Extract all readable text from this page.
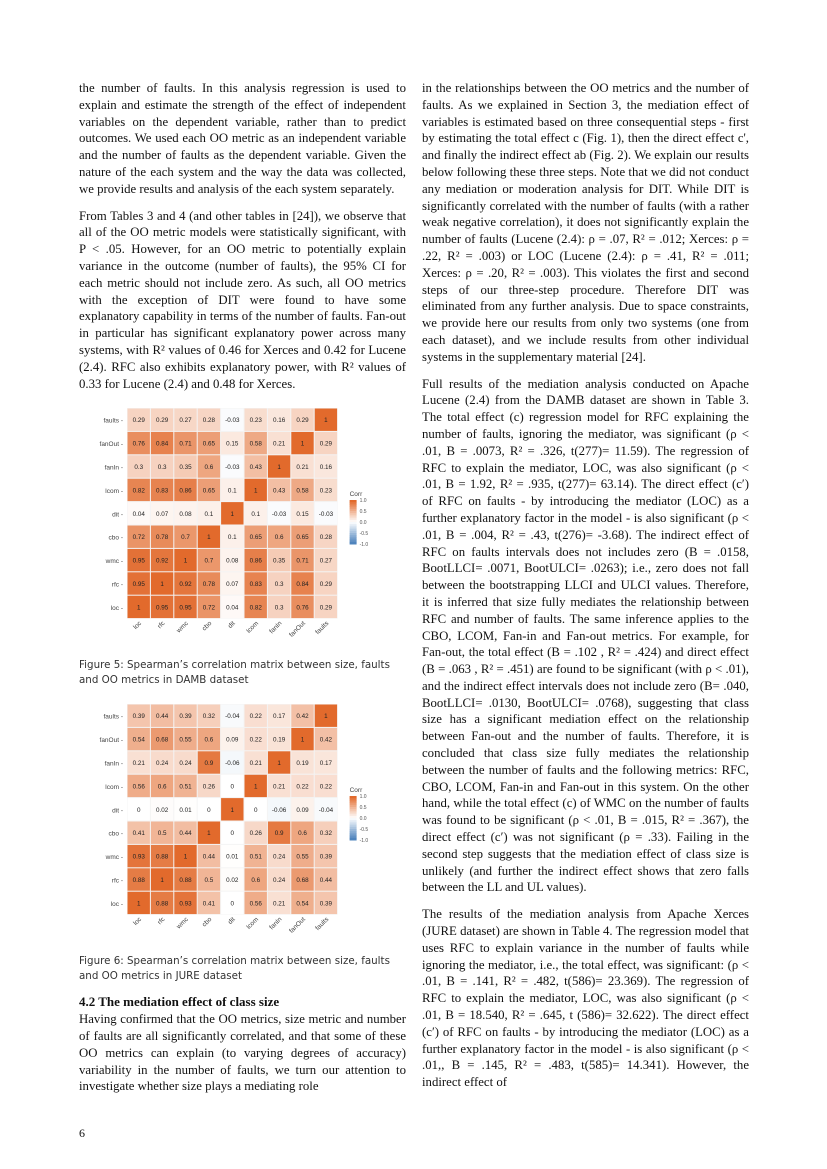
the number of faults. In this analysis regression is used to explain and estimate the strength of the effect of independent variables on the dependent variable, rather than to predict outcomes. We used each OO metric as an independent variable and the number of faults as the dependent variable. Given the nature of the each system and the way the data was collected, we provide results and analysis of the each system separately.

From Tables 3 and 4 (and other tables in [24]), we observe that all of the OO metric models were statistically significant, with P < .05. However, for an OO metric to potentially explain variance in the outcome (number of faults), the 95% CI for each metric should not include zero. As such, all OO metrics with the exception of DIT were found to have some explanatory capability in terms of the number of faults. Fan-out in particular has significant explanatory power across many systems, with R² values of 0.46 for Xerces and 0.42 for Lucene (2.4). RFC also exhibits explanatory power, with R² values of 0.33 for Lucene (2.4) and 0.48 for Xerces.

faults - 0.29 0.29 0.27 0.28 -0.03 0.23 0.16 0.29 1
fanOut - 0.76 0.84 0.71 0.65 0.15 0.58 0.21 1 0.29
fanIn - 0.3 0.3 0.35 0.6 -0.03 0.43 1 0.21 0.16
lcom - 0.82 0.83 0.86 0.65 0.1	1 0.43 0.58 0.23
dit - 0.04 0.07 0.08 0.1	1	0.1 -0.03 0.15 -0.03
cbo - 0.72 0.78 0.7	1	0.1 0.65 0.6 0.65 0.28
wmc - 0.95 0.92 1	0.7 0.08 0.86 0.35 0.71 0.27
rfc - 0.95 1 0.92 0.78 0.07 0.83 0.3 0.84 0.29
loc - 1 0.95 0.95 0.72 0.04 0.82 0.3 0.76 0.29
loc rfc wmc cbo dit lcom fanIn fanOut faults
Corr
1.0
0.5
0.0
-0.5
-1.0
Figure 5: Spearman’s correlation matrix between size, faults and OO metrics in DAMB dataset
faults - 0.39 0.44 0.39 0.32 -0.04 0.22 0.17 0.42 1
fanOut - 0.54 0.68 0.55 0.6 0.09 0.22 0.19 1 0.42
fanIn - 0.21 0.24 0.24 0.9 -0.06 0.21 1 0.19 0.17
lcom - 0.56 0.6 0.51 0.26 0	1 0.21 0.22 0.22
dit - 0 0.02 0.01 0	1	0 -0.06 0.09 -0.04
cbo - 0.41 0.5 0.44 1	0 0.26 0.9 0.6 0.32
wmc - 0.93 0.88 1 0.44 0.01 0.51 0.24 0.55 0.39
rfc - 0.88 1 0.88 0.5 0.02 0.6 0.24 0.68 0.44
loc - 1 0.88 0.93 0.41 0 0.56 0.21 0.54 0.39
loc rfc wmc cbo dit lcom fanIn fanOut faults
Corr
1.0
0.5
0.0
-0.5
-1.0
Figure 6: Spearman’s correlation matrix between size, faults and OO metrics in JURE dataset
4.2 The mediation effect of class size

Having confirmed that the OO metrics, size metric and number of faults are all significantly correlated, and that some of these OO metrics can explain (to varying degrees of accuracy) variability in the number of faults, we turn our attention to investigate whether size plays a mediating role

in the relationships between the OO metrics and the number of faults. As we explained in Section 3, the mediation effect of variables is estimated based on three consequential steps - first by estimating the total effect c (Fig. 1), then the direct effect c', and finally the indirect effect ab (Fig. 2). We explain our results below following these three steps. Note that we did not conduct any mediation or moderation analysis for DIT. While DIT is significantly correlated with the number of faults (with a rather weak negative correlation), it does not significantly explain the number of faults (Lucene (2.4): ρ = .07, R² = .012; Xerces: ρ = .22, R² = .003) or LOC (Lucene (2.4): ρ = .41, R² = .011; Xerces: ρ = .20, R² = .003). This violates the first and second steps of our three-step procedure. Therefore DIT was eliminated from any further analysis. Due to space constraints, we provide here our results from only two systems (one from each dataset), and we include results from other individual systems in the supplementary material [24].

Full results of the mediation analysis conducted on Apache Lucene (2.4) from the DAMB dataset are shown in Table 3. The total effect (c) regression model for RFC explaining the number of faults, ignoring the mediator, was significant (ρ < .01, B = .0073, R² = .326, t(277)= 11.59). The regression of RFC to explain the mediator, LOC, was also significant (ρ < .01, B = 1.92, R² = .935, t(277)= 63.14). The direct effect (c′) of RFC on faults - by introducing the mediator (LOC) as a further explanatory factor in the model - is also significant (ρ < .01, B = .004, R² = .43, t(276)= -3.68). The indirect effect of RFC on faults intervals does not includes zero (B = .0158, BootLLCI= .0071, BootULCI= .0263); i.e., zero does not fall between the bootstrapping LLCI and ULCI values. Therefore, it is inferred that size fully mediates the relationship between RFC and number of faults. The same inference applies to the CBO, LCOM, Fan-in and Fan-out metrics. For example, for Fan-out, the total effect (B = .102 , R² = .424) and direct effect (B = .063 , R² = .451) are found to be significant (with ρ < .01), and the indirect effect intervals does not include zero (B= .040, BootLLCI= .0130, BootULCI= .0768), suggesting that class size has a significant mediation effect on the relationship between Fan-out and the number of faults. Therefore, it is concluded that class size fully mediates the relationship between the number of faults and the following metrics: RFC, CBO, LCOM, Fan-in and Fan-out in this system. On the other hand, while the total effect (c) of WMC on the number of faults was found to be significant (ρ < .01, B = .015, R² = .367), the direct effect (c′) was not significant (ρ = .33). Failing in the second step suggests that the mediation effect of class size is unlikely (and further the indirect effect shows that zero falls between the LL and UL values).

The results of the mediation analysis from Apache Xerces (JURE dataset) are shown in Table 4. The regression model that uses RFC to explain variance in the number of faults while ignoring the mediator, i.e., the total effect, was significant: (ρ < .01, B = .141, R² = .482, t(586)= 23.369). The regression of RFC to explain the mediator, LOC, was also significant (ρ < .01, B = 18.540, R² = .645, t (586)= 32.622). The direct effect (c′) of RFC on faults - by introducing the mediator (LOC) as a further explanatory factor in the model - is also significant (ρ < .01,, B = .145, R² = .483, t(585)= 14.341). However, the indirect effect of

6
